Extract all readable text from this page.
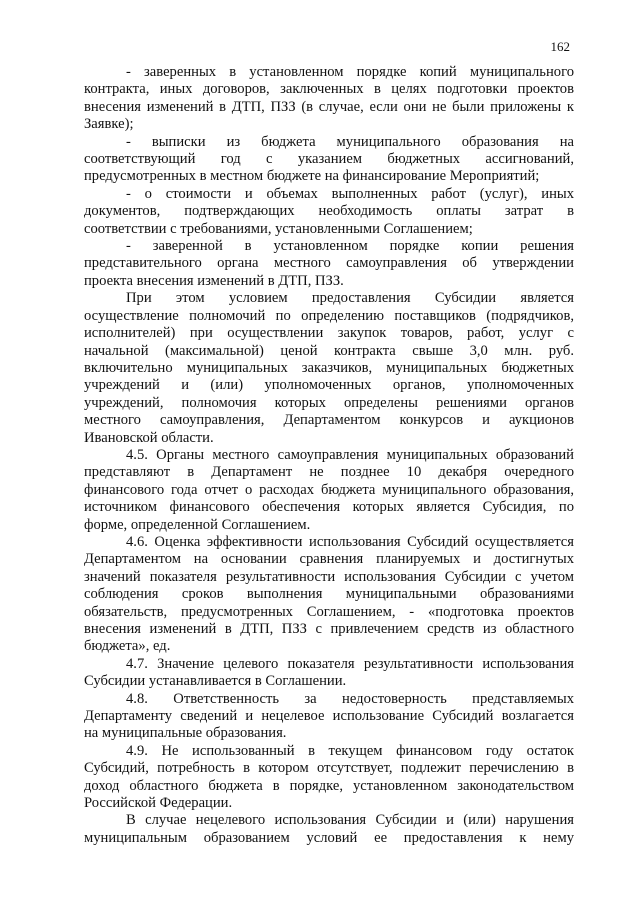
162

- заверенных в установленном порядке копий муниципального

контракта, иных договоров, заключенных в целях подготовки проектов

внесения изменений в ДТП, ПЗЗ (в случае, если они не были приложены к

Заявке);

- выписки из бюджета муниципального образования на

соответствующий год с указанием бюджетных ассигнований,

предусмотренных в местном бюджете на финансирование Мероприятий;

- о стоимости и объемах выполненных работ (услуг), иных

документов, подтверждающих необходимость оплаты затрат в

соответствии с требованиями, установленными Соглашением;

- заверенной в установленном порядке копии решения

представительного органа местного самоуправления об утверждении

проекта внесения изменений в ДТП, ПЗЗ.

При этом условием предоставления Субсидии является

осуществление полномочий по определению поставщиков (подрядчиков,

исполнителей) при осуществлении закупок товаров, работ, услуг с

начальной (максимальной) ценой контракта свыше 3,0 млн. руб.

включительно муниципальных заказчиков, муниципальных бюджетных

учреждений и (или) уполномоченных органов, уполномоченных

учреждений, полномочия которых определены решениями органов

местного самоуправления, Департаментом конкурсов и аукционов

Ивановской области.

4.5. Органы местного самоуправления муниципальных образований

представляют в Департамент не позднее 10 декабря очередного

финансового года отчет о расходах бюджета муниципального образования,

источником финансового обеспечения которых является Субсидия, по

форме, определенной Соглашением.

4.6. Оценка эффективности использования Субсидий осуществляется

Департаментом на основании сравнения планируемых и достигнутых

значений показателя результативности использования Субсидии с учетом

соблюдения сроков выполнения муниципальными образованиями

обязательств, предусмотренных Соглашением, - «подготовка проектов

внесения изменений в ДТП, ПЗЗ с привлечением средств из областного

бюджета», ед.

4.7. Значение целевого показателя результативности использования

Субсидии устанавливается в Соглашении.

4.8. Ответственность за недостоверность представляемых

Департаменту сведений и нецелевое использование Субсидий возлагается

на муниципальные образования.

4.9. Не использованный в текущем финансовом году остаток

Субсидий, потребность в котором отсутствует, подлежит перечислению в

доход областного бюджета в порядке, установленном законодательством

Российской Федерации.

В случае нецелевого использования Субсидии и (или) нарушения

муниципальным образованием условий ее предоставления к нему
